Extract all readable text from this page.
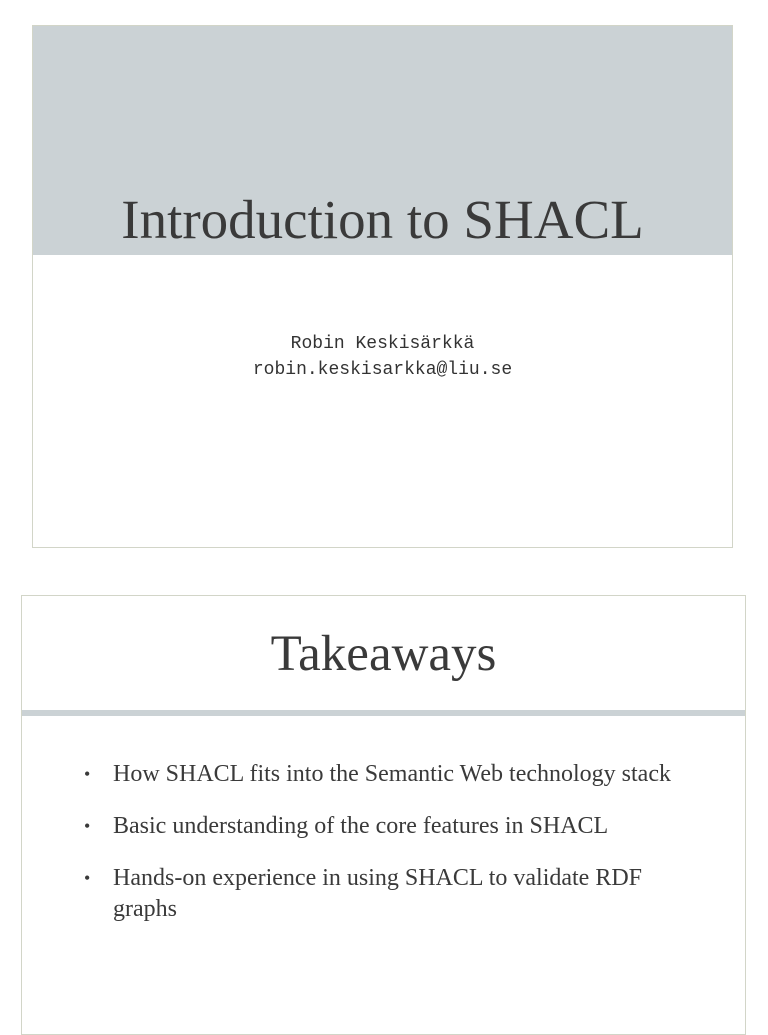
Introduction to SHACL
Robin Keskisärkkä
robin.keskisarkka@liu.se
Takeaways
• How SHACL fits into the Semantic Web technology stack
• Basic understanding of the core features in SHACL
• Hands-on experience in using SHACL to validate RDF graphs
